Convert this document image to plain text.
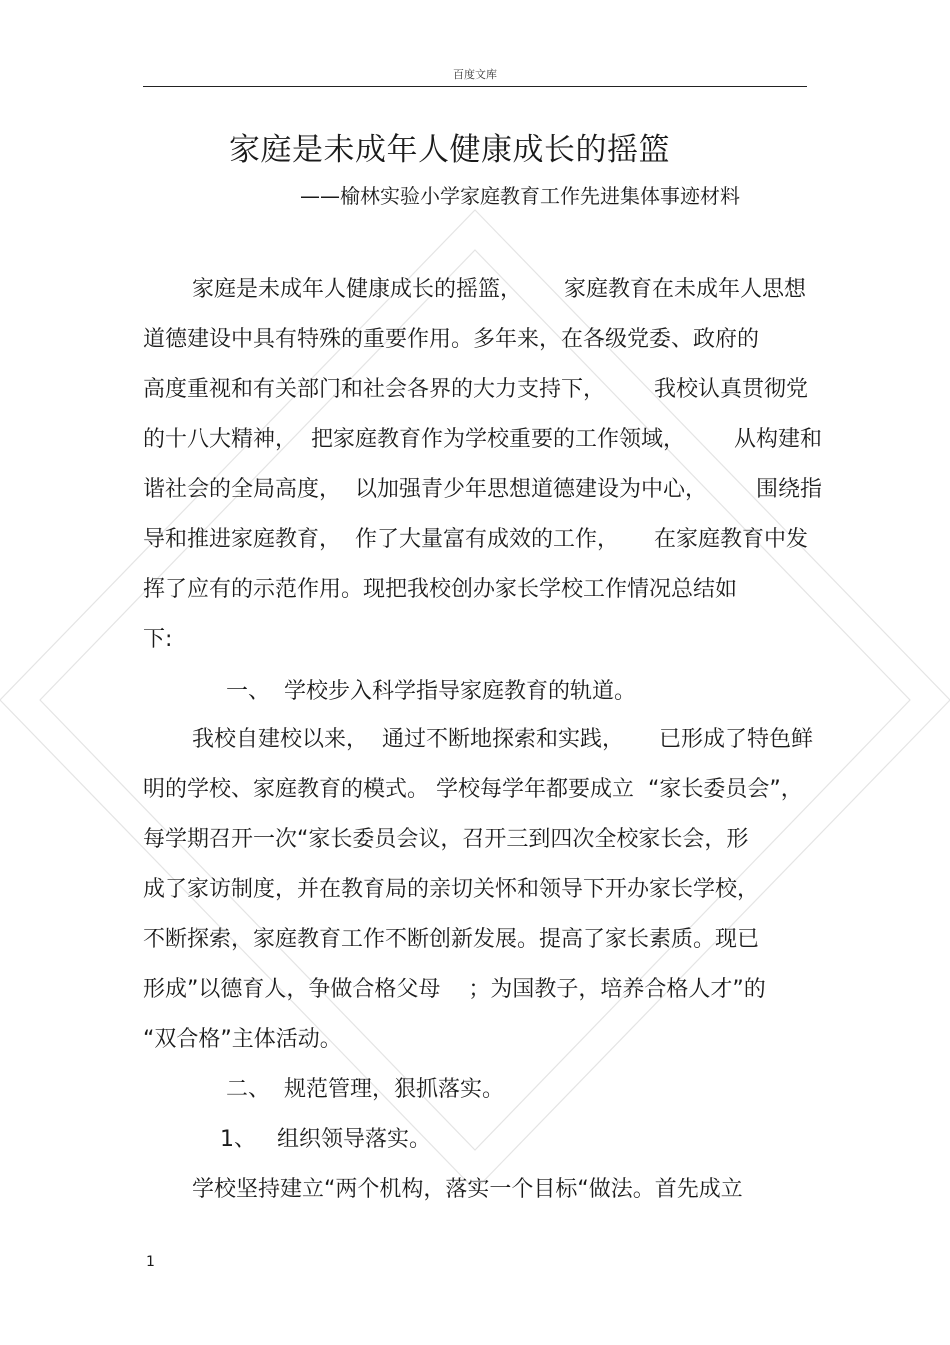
百度文库
家庭是未成年人健康成长的摇篮
——榆林实验小学家庭教育工作先进集体事迹材料
家庭是未成年人健康成长的摇篮，      家庭教育在未成年人思想
道德建设中具有特殊的重要作用。多年来，在各级党委、政府的
高度重视和有关部门和社会各界的大力支持下，       我校认真贯彻党
的十八大精神，  把家庭教育作为学校重要的工作领域，       从构建和
谐社会的全局高度，  以加强青少年思想道德建设为中心，       围绕指
导和推进家庭教育，  作了大量富有成效的工作，     在家庭教育中发
挥了应有的示范作用。现把我校创办家长学校工作情况总结如
下:
一、  学校步入科学指导家庭教育的轨道。
我校自建校以来，  通过不断地探索和实践，     已形成了特色鲜
明的学校、家庭教育的模式。 学校每学年都要成立  “家长委员会”，
每学期召开一次“家长委员会议，召开三到四次全校家长会，形
成了家访制度，并在教育局的亲切关怀和领导下开办家长学校，
不断探索，家庭教育工作不断创新发展。提高了家长素质。现已
形成”以德育人，争做合格父母    ；为国教子，培养合格人才”的
“双合格”主体活动。
二、  规范管理，狠抓落实。
1、   组织领导落实。
学校坚持建立“两个机构，落实一个目标“做法。首先成立
1
